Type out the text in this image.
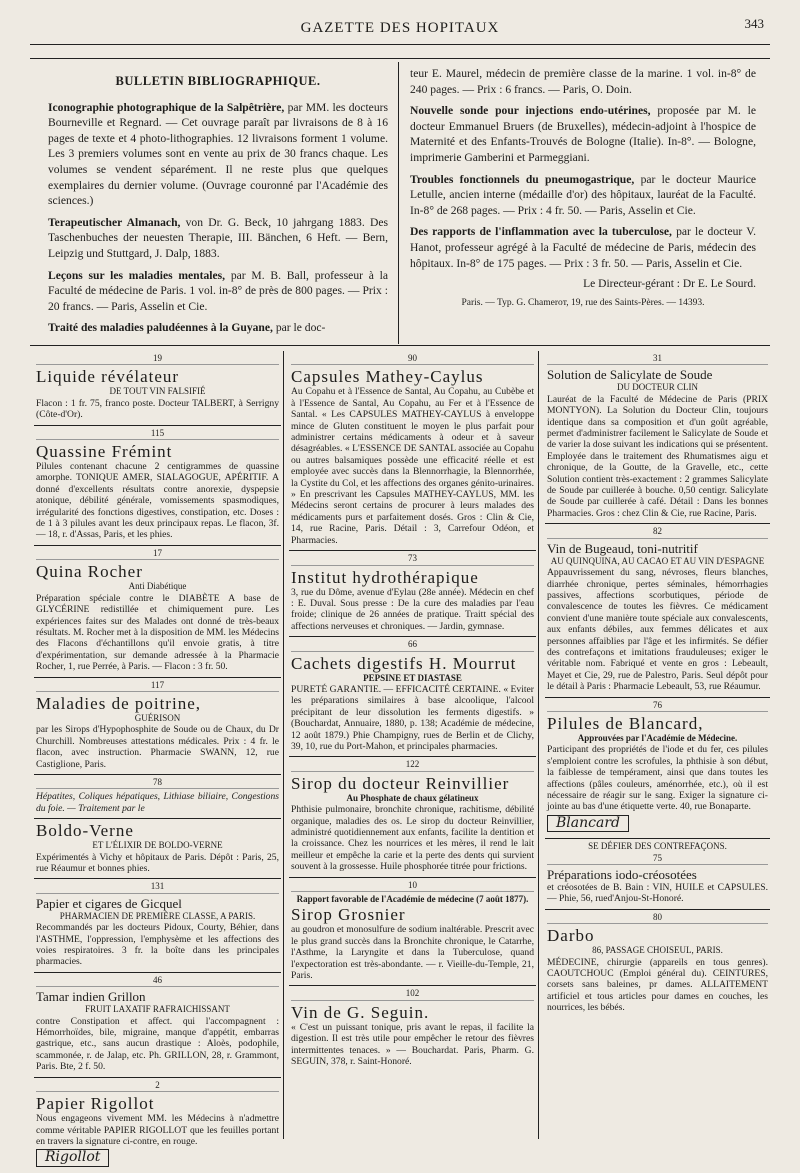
GAZETTE DES HOPITAUX	343
BULLETIN BIBLIOGRAPHIQUE.

Iconographie photographique de la Salpêtrière, par MM. les docteurs Bourneville et Regnard. — Cet ouvrage paraît par livraisons de 8 à 16 pages de texte et 4 photo-lithographies. 12 livraisons forment 1 volume. Les 3 premiers volumes sont en vente au prix de 30 francs chaque. Les volumes se vendent séparément. Il ne reste plus que quelques exemplaires du dernier volume. (Ouvrage couronné par l'Académie des sciences.)

Terapeutischer Almanach, von Dr. G. Beck, 10 jahrgang 1883. Des Taschenbuches der neuesten Therapie, III. Bänchen, 6 Heft. — Bern, Leipzig und Stuttgard, J. Dalp, 1883.

Leçons sur les maladies mentales, par M. B. Ball, professeur à la Faculté de médecine de Paris. 1 vol. in-8° de près de 800 pages. — Prix : 20 francs. — Paris, Asselin et Cie.

Traité des maladies paludéennes à la Guyane, par le doc-

teur E. Maurel, médecin de première classe de la marine. 1 vol. in-8° de 240 pages. — Prix : 6 francs. — Paris, O. Doin.

Nouvelle sonde pour injections endo-utérines, proposée par M. le docteur Emmanuel Bruers (de Bruxelles), médecin-adjoint à l'hospice de Maternité et des Enfants-Trouvés de Bologne (Italie). In-8°. — Bologne, imprimerie Gamberini et Parmeggiani.

Troubles fonctionnels du pneumogastrique, par le docteur Maurice Letulle, ancien interne (médaille d'or) des hôpitaux, lauréat de la Faculté. In-8° de 268 pages. — Prix : 4 fr. 50. — Paris, Asselin et Cie.

Des rapports de l'inflammation avec la tuberculose, par le docteur V. Hanot, professeur agrégé à la Faculté de médecine de Paris, médecin des hôpitaux. In-8° de 175 pages. — Prix : 3 fr. 50. — Paris, Asselin et Cie.

Le Directeur-gérant : Dr E. Le Sourd.
Paris. — Typ. G. Chameroт, 19, rue des Saints-Pères. — 14393.
19
Liquide révélateur
DE TOUT VIN FALSIFIÉ

Flacon : 1 fr. 75, franco poste. Docteur TALBERT, à Serrigny (Côte-d'Or).

115
Quassine Frémint

Pilules contenant chacune 2 centigrammes de quassine amorphe. TONIQUE AMER, SIALAGOGUE, APÉRITIF. A donné d'excellents résultats contre anorexie, dyspepsie atonique, débilité générale, vomissements spasmodiques, irrégularité des fonctions digestives, constipation, etc. Doses : de 1 à 3 pilules avant les deux principaux repas. Le flacon, 3f. — 18, r. d'Assas, Paris, et les phies.

17
Quina Rocher
Anti Diabétique

Préparation spéciale contre le DIABÈTE A base de GLYCÉRINE redistillée et chimiquement pure. Les expériences faites sur des Malades ont donné de très-beaux résultats. M. Rocher met à la disposition de MM. les Médecins des Flacons d'échantillons qu'il envoie gratis, à titre d'expérimentation, sur demande adressée à la Pharmacie Rocher, 1, rue Perrée, à Paris. — Flacon : 3 fr. 50.

117
Maladies de poitrine,
GUÉRISON

par les Sirops d'Hypophosphite de Soude ou de Chaux, du Dr Churchill. Nombreuses attestations médicales. Prix : 4 fr. le flacon, avec instruction. Pharmacie SWANN, 12, rue Castiglione, Paris.

78

Hépatites, Coliques hépatiques, Lithiase biliaire, Congestions du foie. — Traitement par le

Boldo-Verne
ET L'ÉLIXIR DE BOLDO-VERNE

Expérimentés à Vichy et hôpitaux de Paris. Dépôt : Paris, 25, rue Réaumur et bonnes phies.

131
Papier et cigares de Gicquel
PHARMACIEN DE PREMIÈRE CLASSE, A PARIS.

Recommandés par les docteurs Pidoux, Courty, Béhier, dans l'ASTHME, l'oppression, l'emphysème et les affections des voies respiratoires. 3 fr. la boîte dans les principales pharmacies.

46
Tamar indien Grillon
FRUIT LAXATIF RAFRAICHISSANT

contre Constipation et affect. qui l'accompagnent : Hémorrhoïdes, bile, migraine, manque d'appétit, embarras gastrique, etc., sans aucun drastique : Aloès, podophile, scammonée, r. de Jalap, etc. Ph. GRILLON, 28, r. Grammont, Paris. Bte, 2 f. 50.

2
Papier Rigollot

Nous engageons vivement MM. les Médecins à n'admettre comme véritable PAPIER RIGOLLOT que les feuilles portant en travers la signature ci-contre, en rouge.

Rigollot
90
Capsules Mathey-Caylus

Au Copahu et à l'Essence de Santal, Au Copahu, au Cubèbe et à l'Essence de Santal, Au Copahu, au Fer et à l'Essence de Santal. « Les CAPSULES MATHEY-CAYLUS à enveloppe mince de Gluten constituent le moyen le plus parfait pour administrer certains médicaments à odeur et à saveur désagréables. « L'ESSENCE DE SANTAL associée au Copahu ou autres balsamiques possède une efficacité réelle et est employée avec succès dans la Blennorrhagie, la Blennorrhée, la Cystite du Col, et les affections des organes génito-urinaires. » En prescrivant les Capsules MATHEY-CAYLUS, MM. les Médecins seront certains de procurer à leurs malades des médicaments purs et parfaitement dosés. Gros : Clin & Cie, 14, rue Racine, Paris. Détail : 3, Carrefour Odéon, et Pharmacies.

73
Institut hydrothérapique

3, rue du Dôme, avenue d'Eylau (28e année). Médecin en chef : E. Duval. Sous presse : De la cure des maladies par l'eau froide; clinique de 26 années de pratique. Traitt spécial des affections nerveuses et chroniques. — Jardin, gymnase.

66
Cachets digestifs H. Mourrut
PEPSINE ET DIASTASE

PURETÉ GARANTIE. — EFFICACITÉ CERTAINE. « Eviter les préparations similaires à base alcoolique, l'alcool précipitant de leur dissolution les ferments digestifs. » (Bouchardat, Annuaire, 1880, p. 138; Académie de médecine, 12 août 1879.) Phie Champigny, rues de Berlin et de Clichy, 39, 10, rue du Port-Mahon, et principales pharmacies.

122
Sirop du docteur Reinvillier
Au Phosphate de chaux gélatineux

Phthisie pulmonaire, bronchite chronique, rachitisme, débilité organique, maladies des os. Le sirop du docteur Reinvillier, administré quotidiennement aux enfants, facilite la dentition et la croissance. Chez les nourrices et les mères, il rend le lait meilleur et empêche la carie et la perte des dents qui survient souvent à la grossesse. Huile phosphorée titrée pour frictions.

10
Rapport favorable de l'Académie de médecine (7 août 1877).
Sirop Grosnier

au goudron et monosulfure de sodium inaltérable. Prescrit avec le plus grand succès dans la Bronchite chronique, le Catarrhe, l'Asthme, la Laryngite et dans la Tuberculose, quand l'expectoration est très-abondante. — r. Vieille-du-Temple, 21, Paris.

102
Vin de G. Seguin.

« C'est un puissant tonique, pris avant le repas, il facilite la digestion. Il est très utile pour empêcher le retour des fièvres intermittentes tenaces. » — Bouchardat. Paris, Pharm. G. SEGUIN, 378, r. Saint-Honoré.

31
Solution de Salicylate de Soude
DU DOCTEUR CLIN

Lauréat de la Faculté de Médecine de Paris (PRIX MONTYON). La Solution du Docteur Clin, toujours identique dans sa composition et d'un goût agréable, permet d'administrer facilement le Salicylate de Soude et de varier la dose suivant les indications qui se présentent. Employée dans le traitement des Rhumatismes aigu et chronique, de la Goutte, de la Gravelle, etc., cette Solution contient très-exactement : 2 grammes Salicylate de Soude par cuillerée à bouche. 0,50 centigr. Salicylate de Soude par cuillerée à café. Détail : Dans les bonnes Pharmacies. Gros : chez Clin & Cie, rue Racine, Paris.

82
Vin de Bugeaud, toni-nutritif
AU QUINQUINA, AU CACAO ET AU VIN D'ESPAGNE

Appauvrissement du sang, névroses, fleurs blanches, diarrhée chronique, pertes séminales, hémorrhagies passives, affections scorbutiques, période de convalescence de toutes les fièvres. Ce médicament convient d'une manière toute spéciale aux convalescents, aux enfants débiles, aux femmes délicates et aux personnes affaiblies par l'âge et les infirmités. Se défier des contrefaçons et imitations frauduleuses; exiger le véritable nom. Fabriqué et vente en gros : Lebeault, Mayet et Cie, 29, rue de Palestro, Paris. Seul dépôt pour le détail à Paris : Pharmacie Lebeault, 53, rue Réaumur.

76
Pilules de Blancard,
Approuvées par l'Académie de Médecine.

Participant des propriétés de l'iode et du fer, ces pilules s'emploient contre les scrofules, la phthisie à son début, la faiblesse de tempérament, ainsi que dans toutes les affections (pâles couleurs, aménorrhée, etc.), où il est nécessaire de réagir sur le sang. Exiger la signature ci-jointe au bas d'une étiquette verte. 40, rue Bonaparte.

Blancard
SE DÉFIER DES CONTREFAÇONS.
75
Préparations iodo-créosotées

et créosotées de B. Bain : VIN, HUILE et CAPSULES. — Phie, 56, rued'Anjou-St-Honoré.

80
Darbo
86, PASSAGE CHOISEUL, PARIS.

MÉDECINE, chirurgie (appareils en tous genres). CAOUTCHOUC (Emploi général du). CEINTURES, corsets sans baleines, pr dames. ALLAITEMENT artificiel et tous articles pour dames en couches, les nourrices, les bébés.
